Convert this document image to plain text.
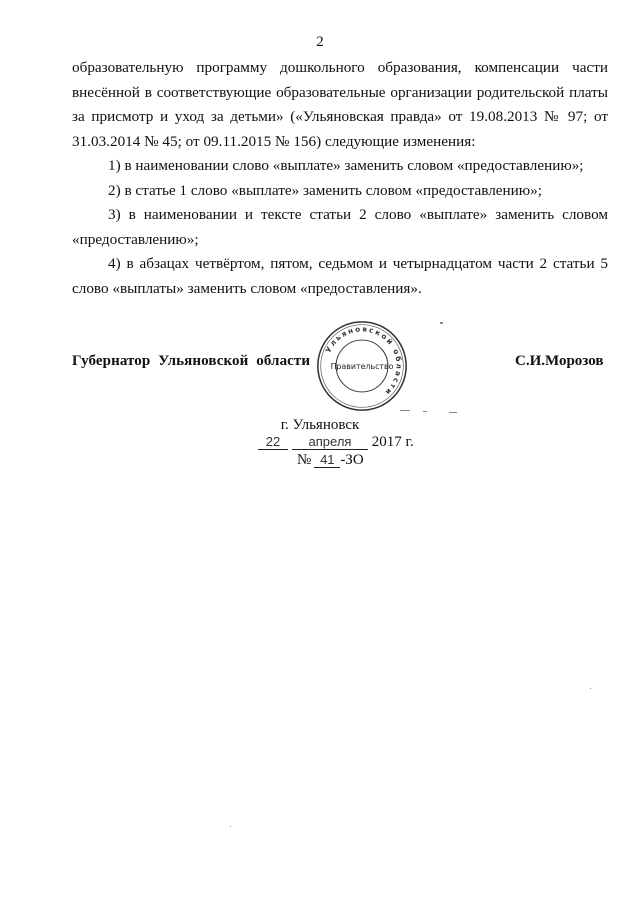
2

образовательную программу дошкольного образования, компенсации части внесённой в соответствующие образовательные организации родительской платы за присмотр и уход за детьми» («Ульяновская правда» от 19.08.2013 № 97; от 31.03.2014 № 45; от 09.11.2015 № 156) следующие изменения:

1) в наименовании слово «выплате» заменить словом «предоставлению»;

2) в статье 1 слово «выплате» заменить словом «предоставлению»;

3) в наименовании и тексте статьи 2 слово «выплате» заменить словом «предоставлению»;

4) в абзацах четвёртом, пятом, седьмом и четырнадцатом части 2 статьи 5 слово «выплаты» заменить словом «предоставления».

Губернатор Ульяновской области
Ульяновской области
Правительство	С.И.Морозов
г. Ульяновск
22 апреля 2017 г.
№ 41 -ЗО
